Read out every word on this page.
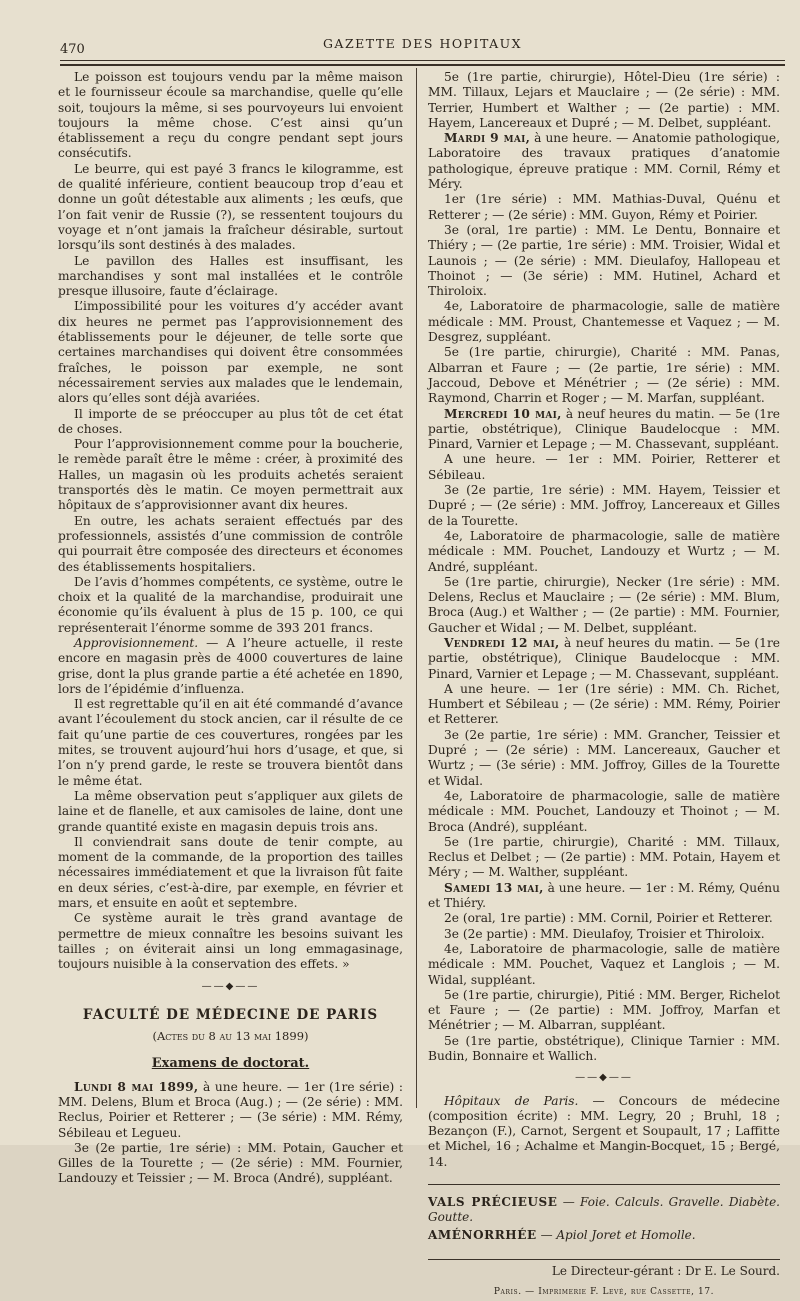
470	GAZETTE DES HOPITAUX

Le poisson est toujours vendu par la même maison et le fournisseur écoule sa marchandise, quelle qu’elle soit, toujours la même, si ses pourvoyeurs lui envoient toujours la même chose. C’est ainsi qu’un établissement a reçu du congre pendant sept jours consécutifs.

Le beurre, qui est payé 3 francs le kilogramme, est de qualité inférieure, contient beaucoup trop d’eau et donne un goût détestable aux aliments ; les œufs, que l’on fait venir de Russie (?), se ressentent toujours du voyage et n’ont jamais la fraîcheur désirable, surtout lorsqu’ils sont destinés à des malades.

Le pavillon des Halles est insuffisant, les marchandises y sont mal installées et le contrôle presque illusoire, faute d’éclairage.

L’impossibilité pour les voitures d’y accéder avant dix heures ne permet pas l’approvisionnement des établissements pour le déjeuner, de telle sorte que certaines marchandises qui doivent être consommées fraîches, le poisson par exemple, ne sont nécessairement servies aux malades que le lendemain, alors qu’elles sont déjà avariées.

Il importe de se préoccuper au plus tôt de cet état de choses.

Pour l’approvisionnement comme pour la boucherie, le remède paraît être le même : créer, à proximité des Halles, un magasin où les produits achetés seraient transportés dès le matin. Ce moyen permettrait aux hôpitaux de s’approvisionner avant dix heures.

En outre, les achats seraient effectués par des professionnels, assistés d’une commission de contrôle qui pourrait être composée des directeurs et économes des établissements hospitaliers.

De l’avis d’hommes compétents, ce système, outre le choix et la qualité de la marchandise, produirait une économie qu’ils évaluent à plus de 15 p. 100, ce qui représenterait l’énorme somme de 393 201 francs.

Approvisionnement. — A l’heure actuelle, il reste encore en magasin près de 4000 couvertures de laine grise, dont la plus grande partie a été achetée en 1890, lors de l’épidémie d’influenza.

Il est regrettable qu’il en ait été commandé d’avance avant l’écoulement du stock ancien, car il résulte de ce fait qu’une partie de ces couvertures, rongées par les mites, se trouvent aujourd’hui hors d’usage, et que, si l’on n’y prend garde, le reste se trouvera bientôt dans le même état.

La même observation peut s’appliquer aux gilets de laine et de flanelle, et aux camisoles de laine, dont une grande quantité existe en magasin depuis trois ans.

Il conviendrait sans doute de tenir compte, au moment de la commande, de la proportion des tailles nécessaires immédiatement et que la livraison fût faite en deux séries, c’est-à-dire, par exemple, en février et mars, et ensuite en août et septembre.

Ce système aurait le très grand avantage de permettre de mieux connaître les besoins suivant les tailles ; on éviterait ainsi un long emmagasinage, toujours nuisible à la conservation des effets. »

——◆——
FACULTÉ DE MÉDECINE DE PARIS
(Actes du 8 au 13 mai 1899)
Examens de doctorat.

Lundi 8 mai 1899, à une heure. — 1er (1re série) : MM. Delens, Blum et Broca (Aug.) ; — (2e série) : MM. Reclus, Poirier et Retterer ; — (3e série) : MM. Rémy, Sébileau et Legueu.

3e (2e partie, 1re série) : MM. Potain, Gaucher et Gilles de la Tourette ; — (2e série) : MM. Fournier, Landouzy et Teissier ; — M. Broca (André), suppléant.

5e (1re partie, chirurgie), Hôtel-Dieu (1re série) : MM. Tillaux, Lejars et Mauclaire ; — (2e série) : MM. Terrier, Humbert et Walther ; — (2e partie) : MM. Hayem, Lancereaux et Dupré ; — M. Delbet, suppléant.

Mardi 9 mai, à une heure. — Anatomie pathologique, Laboratoire des travaux pratiques d’anatomie pathologique, épreuve pratique : MM. Cornil, Rémy et Méry.

1er (1re série) : MM. Mathias-Duval, Quénu et Retterer ; — (2e série) : MM. Guyon, Rémy et Poirier.

3e (oral, 1re partie) : MM. Le Dentu, Bonnaire et Thiéry ; — (2e partie, 1re série) : MM. Troisier, Widal et Launois ; — (2e série) : MM. Dieulafoy, Hallopeau et Thoinot ; — (3e série) : MM. Hutinel, Achard et Thiroloix.

4e, Laboratoire de pharmacologie, salle de matière médicale : MM. Proust, Chantemesse et Vaquez ; — M. Desgrez, suppléant.

5e (1re partie, chirurgie), Charité : MM. Panas, Albarran et Faure ; — (2e partie, 1re série) : MM. Jaccoud, Debove et Ménétrier ; — (2e série) : MM. Raymond, Charrin et Roger ; — M. Marfan, suppléant.

Mercredi 10 mai, à neuf heures du matin. — 5e (1re partie, obstétrique), Clinique Baudelocque : MM. Pinard, Varnier et Lepage ; — M. Chassevant, suppléant.

A une heure. — 1er : MM. Poirier, Retterer et Sébileau.

3e (2e partie, 1re série) : MM. Hayem, Teissier et Dupré ; — (2e série) : MM. Joffroy, Lancereaux et Gilles de la Tourette.

4e, Laboratoire de pharmacologie, salle de matière médicale : MM. Pouchet, Landouzy et Wurtz ; — M. André, suppléant.

5e (1re partie, chirurgie), Necker (1re série) : MM. Delens, Reclus et Mauclaire ; — (2e série) : MM. Blum, Broca (Aug.) et Walther ; — (2e partie) : MM. Fournier, Gaucher et Widal ; — M. Delbet, suppléant.

Vendredi 12 mai, à neuf heures du matin. — 5e (1re partie, obstétrique), Clinique Baudelocque : MM. Pinard, Varnier et Lepage ; — M. Chassevant, suppléant.

A une heure. — 1er (1re série) : MM. Ch. Richet, Humbert et Sébileau ; — (2e série) : MM. Rémy, Poirier et Retterer.

3e (2e partie, 1re série) : MM. Grancher, Teissier et Dupré ; — (2e série) : MM. Lancereaux, Gaucher et Wurtz ; — (3e série) : MM. Joffroy, Gilles de la Tourette et Widal.

4e, Laboratoire de pharmacologie, salle de matière médicale : MM. Pouchet, Landouzy et Thoinot ; — M. Broca (André), suppléant.

5e (1re partie, chirurgie), Charité : MM. Tillaux, Reclus et Delbet ; — (2e partie) : MM. Potain, Hayem et Méry ; — M. Walther, suppléant.

Samedi 13 mai, à une heure. — 1er : M. Rémy, Quénu et Thiéry.

2e (oral, 1re partie) : MM. Cornil, Poirier et Retterer.

3e (2e partie) : MM. Dieulafoy, Troisier et Thiroloix.

4e, Laboratoire de pharmacologie, salle de matière médicale : MM. Pouchet, Vaquez et Langlois ; — M. Widal, suppléant.

5e (1re partie, chirurgie), Pitié : MM. Berger, Richelot et Faure ; — (2e partie) : MM. Joffroy, Marfan et Ménétrier ; — M. Albarran, suppléant.

5e (1re partie, obstétrique), Clinique Tarnier : MM. Budin, Bonnaire et Wallich.

——◆——

Hôpitaux de Paris. — Concours de médecine (composition écrite) : MM. Legry, 20 ; Bruhl, 18 ; Bezançon (F.), Carnot, Sergent et Soupault, 17 ; Laffitte et Michel, 16 ; Achalme et Mangin-Bocquet, 15 ; Bergé, 14.

VALS PRÉCIEUSE — Foie. Calculs. Gravelle. Diabète. Goutte.

AMÉNORRHÉE — Apiol Joret et Homolle.

Le Directeur-gérant : Dr E. Le Sourd.
Paris. — Imprimerie F. Levé, rue Cassette, 17.
